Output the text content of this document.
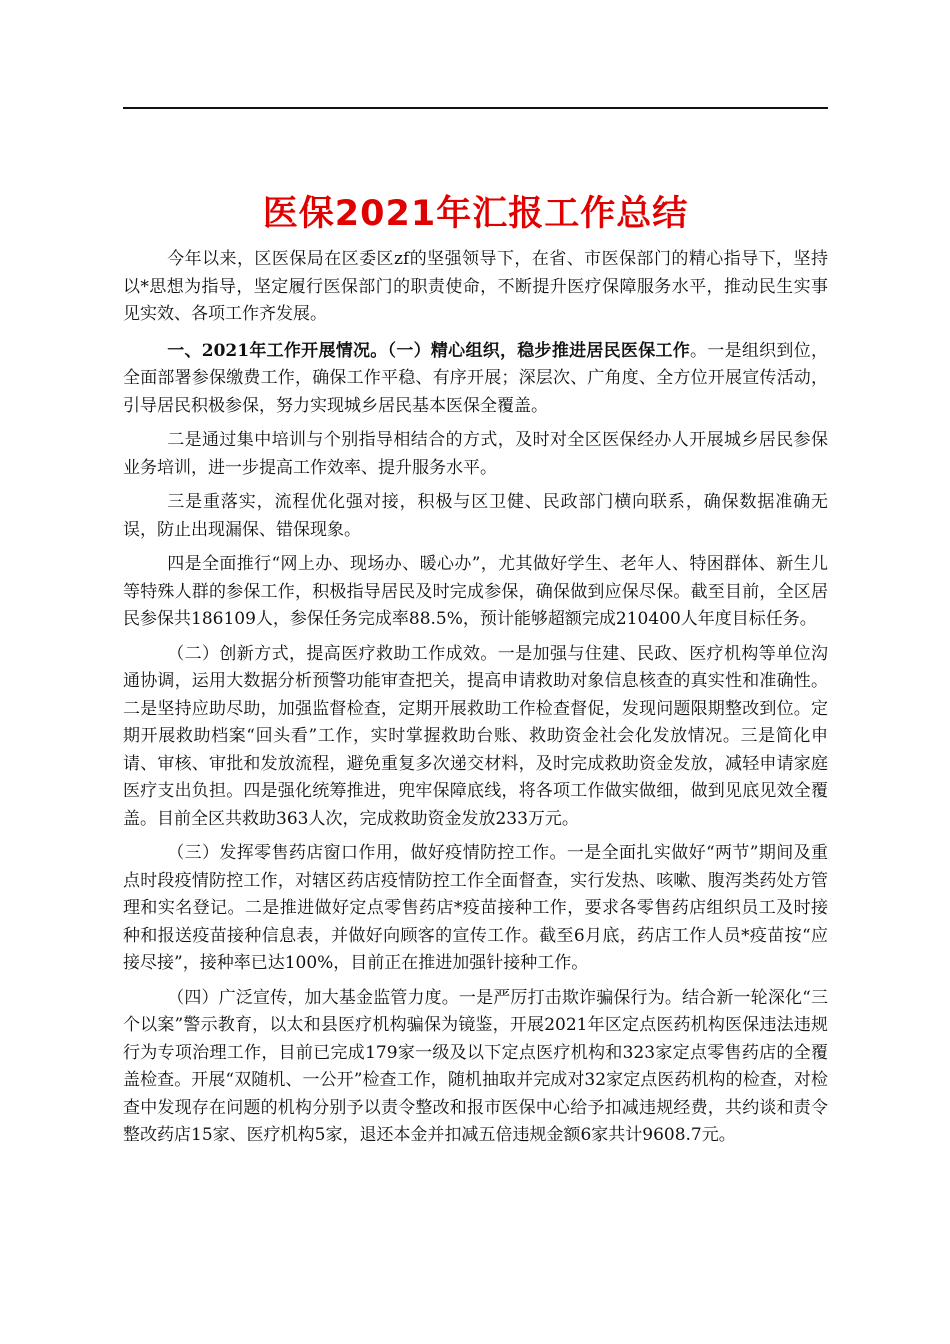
医保2021年汇报工作总结

今年以来，区医保局在区委区zf的坚强领导下，在省、市医保部门的精心指导下，坚持以*思想为指导，坚定履行医保部门的职责使命，不断提升医疗保障服务水平，推动民生实事见实效、各项工作齐发展。

一、2021年工作开展情况。（一）精心组织，稳步推进居民医保工作。一是组织到位，全面部署参保缴费工作，确保工作平稳、有序开展；深层次、广角度、全方位开展宣传活动，引导居民积极参保，努力实现城乡居民基本医保全覆盖。

二是通过集中培训与个别指导相结合的方式，及时对全区医保经办人开展城乡居民参保业务培训，进一步提高工作效率、提升服务水平。

三是重落实，流程优化强对接，积极与区卫健、民政部门横向联系，确保数据准确无误，防止出现漏保、错保现象。

四是全面推行“网上办、现场办、暖心办”，尤其做好学生、老年人、特困群体、新生儿等特殊人群的参保工作，积极指导居民及时完成参保，确保做到应保尽保。截至目前，全区居民参保共186109人，参保任务完成率88.5%，预计能够超额完成210400人年度目标任务。

（二）创新方式，提高医疗救助工作成效。一是加强与住建、民政、医疗机构等单位沟通协调，运用大数据分析预警功能审查把关，提高申请救助对象信息核查的真实性和准确性。二是坚持应助尽助，加强监督检查，定期开展救助工作检查督促，发现问题限期整改到位。定期开展救助档案“回头看”工作，实时掌握救助台账、救助资金社会化发放情况。三是简化申请、审核、审批和发放流程，避免重复多次递交材料，及时完成救助资金发放，减轻申请家庭医疗支出负担。四是强化统筹推进，兜牢保障底线，将各项工作做实做细，做到见底见效全覆盖。目前全区共救助363人次，完成救助资金发放233万元。

（三）发挥零售药店窗口作用，做好疫情防控工作。一是全面扎实做好“两节”期间及重点时段疫情防控工作，对辖区药店疫情防控工作全面督查，实行发热、咳嗽、腹泻类药处方管理和实名登记。二是推进做好定点零售药店*疫苗接种工作，要求各零售药店组织员工及时接种和报送疫苗接种信息表，并做好向顾客的宣传工作。截至6月底，药店工作人员*疫苗按“应接尽接”，接种率已达100%，目前正在推进加强针接种工作。

（四）广泛宣传，加大基金监管力度。一是严厉打击欺诈骗保行为。结合新一轮深化“三个以案”警示教育，以太和县医疗机构骗保为镜鉴，开展2021年区定点医药机构医保违法违规行为专项治理工作，目前已完成179家一级及以下定点医疗机构和323家定点零售药店的全覆盖检查。开展“双随机、一公开”检查工作，随机抽取并完成对32家定点医药机构的检查，对检查中发现存在问题的机构分别予以责令整改和报市医保中心给予扣减违规经费，共约谈和责令整改药店15家、医疗机构5家，退还本金并扣减五倍违规金额6家共计9608.7元。
